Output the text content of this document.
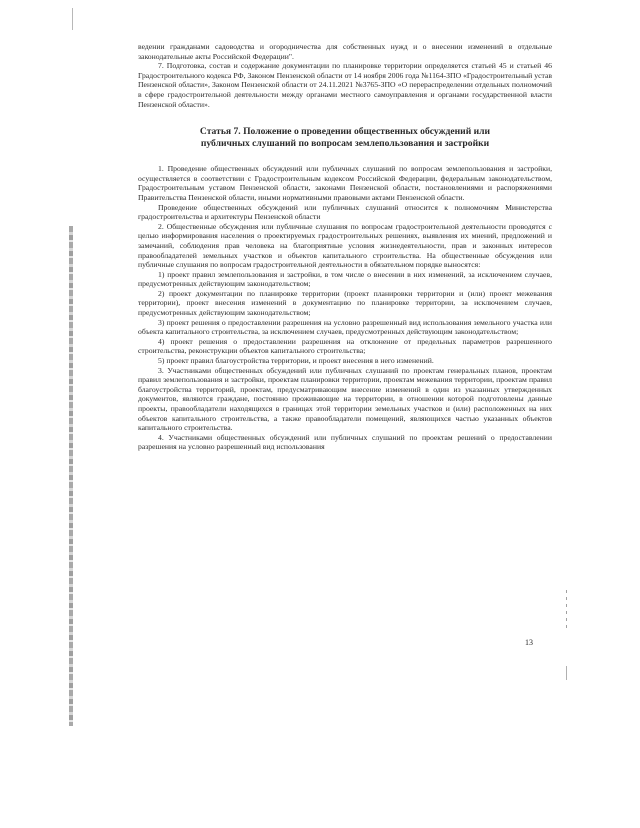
ведении гражданами садоводства и огородничества для собственных нужд и о внесении изменений в отдельные законодательные акты Российской Федерации".

7. Подготовка, состав и содержание документации по планировке территории определяется статьей 45 и статьей 46 Градостроительного кодекса РФ, Законом Пензенской области от 14 ноября 2006 года №1164-ЗПО «Градостроительный устав Пензенской области», Законом Пензенской области от 24.11.2021 №3765-ЗПО «О перераспределении отдельных полномочий в сфере градостроительной деятельности между органами местного самоуправления и органами государственной власти Пензенской области».

Статья 7. Положение о проведении общественных обсуждений или
публичных слушаний по вопросам землепользования и застройки

1. Проведение общественных обсуждений или публичных слушаний по вопросам землепользования и застройки, осуществляется в соответствии с Градостроительным кодексом Российской Федерации, федеральным законодательством, Градостроительным уставом Пензенской области, законами Пензенской области, постановлениями и распоряжениями Правительства Пензенской области, иными нормативными правовыми актами Пензенской области.

Проведение общественных обсуждений или публичных слушаний относится к полномочиям Министерства градостроительства и архитектуры Пензенской области

2. Общественные обсуждения или публичные слушания по вопросам градостроительной деятельности проводятся с целью информирования населения о проектируемых градостроительных решениях, выявления их мнений, предложений и замечаний, соблюдения прав человека на благоприятные условия жизнедеятельности, прав и законных интересов правообладателей земельных участков и объектов капитального строительства. На общественные обсуждения или публичные слушания по вопросам градостроительной деятельности в обязательном порядке выносятся:

1) проект правил землепользования и застройки, в том числе о внесении в них изменений, за исключением случаев, предусмотренных действующим законодательством;

2) проект документации по планировке территории (проект планировки территории и (или) проект межевания территории), проект внесения изменений в документацию по планировке территории, за исключением случаев, предусмотренных действующим законодательством;

3) проект решения о предоставлении разрешения на условно разрешенный вид использования земельного участка или объекта капитального строительства, за исключением случаев, предусмотренных действующим законодательством;

4) проект решения о предоставлении разрешения на отклонение от предельных параметров разрешенного строительства, реконструкции объектов капитального строительства;

5) проект правил благоустройства территории, и проект внесения в него изменений.

3. Участниками общественных обсуждений или публичных слушаний по проектам генеральных планов, проектам правил землепользования и застройки, проектам планировки территории, проектам межевания территории, проектам правил благоустройства территорий, проектам, предусматривающим внесение изменений в один из указанных утвержденных документов, являются граждане, постоянно проживающие на территории, в отношении которой подготовлены данные проекты, правообладатели находящихся в границах этой территории земельных участков и (или) расположенных на них объектов капитального строительства, а также правообладатели помещений, являющихся частью указанных объектов капитального строительства.

4. Участниками общественных обсуждений или публичных слушаний по проектам решений о предоставлении разрешения на условно разрешенный вид использования

13
